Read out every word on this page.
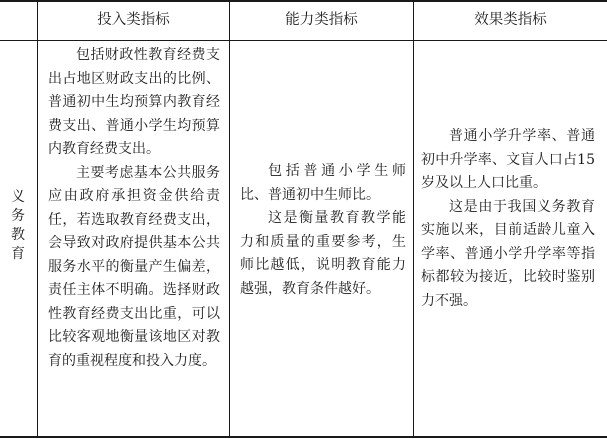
投入类指标	能力类指标	效果类指标
义
务
教
育

包括财政性教育经费支出占地区财政支出的比例、普通初中生均预算内教育经费支出、普通小学生均预算内教育经费支出。

主要考虑基本公共服务应由政府承担资金供给责任，若选取教育经费支出，会导致对政府提供基本公共服务水平的衡量产生偏差，责任主体不明确。选择财政性教育经费支出比重，可以比较客观地衡量该地区对教育的重视程度和投入力度。

包括普通小学生师比、普通初中生师比。

这是衡量教育教学能力和质量的重要参考，生师比越低，说明教育能力越强，教育条件越好。

普通小学升学率、普通初中升学率、文盲人口占15岁及以上人口比重。

这是由于我国义务教育实施以来，目前适龄儿童入学率、普通小学升学率等指标都较为接近，比较时鉴别力不强。
